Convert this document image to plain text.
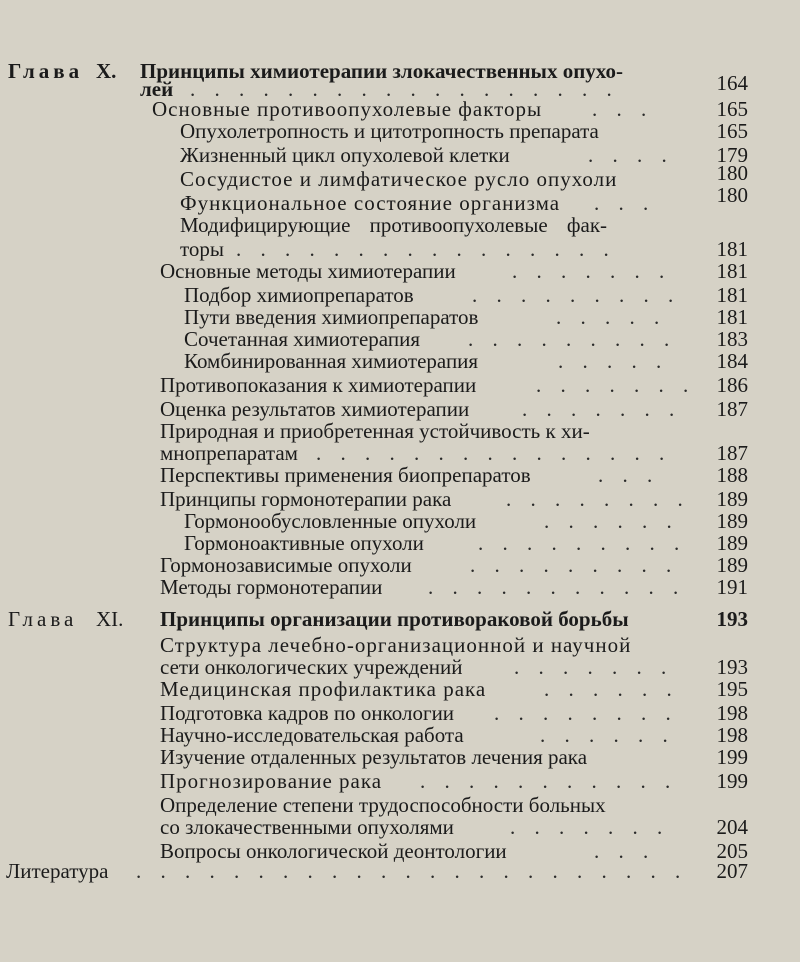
Глава X. Принципы химиотерапии злокачественных опухо-
лей . . . . . . . . . . . . . . . . . .	164
Основные противоопухолевые факторы . . .	165
Опухолетропность и цитотропность препарата	165
Жизненный цикл опухолевой клетки	. . . . 179
Сосудистое и лимфатическое русло опухоли	180
Функциональное состояние организма . . .	180
Модифицирующие противоопухолевые фак-
торы . . . . . . . . . . . . . . . .	181
Основные методы химиотерапии	. . . . . . . 181
Подбор химиопрепаратов	. . . . . . . . . 181
Пути введения химиопрепаратов	. . . . . 181
Сочетанная химиотерапия . . . . . . . . . 183
Комбинированная химиотерапия	. . . . . 184
Противопоказания к химиотерапии	. . . . . . . 186
Оценка результатов химиотерапии	. . . . . . . 187
Природная и приобретенная устойчивость к хи-
мнопрепаратам . . . . . . . . . . . . . . . 187
Перспективы применения биопрепаратов	. . .	188
Принципы гормонотерапии рака	. . . . . . . . 189
Гормонообусловленные опухоли	. . . . . . 189
Гормоноактивные опухоли	. . . . . . . . . 189
Гормонозависимые опухоли	. . . . . . . . . 189
Методы гормонотерапии . . . . . . . . . . . 191
Глава XI. Принципы организации противораковой борьбы	193
Структура лечебно-организационной и научной
сети онкологических учреждений . . . . . . . 193
Медицинская профилактика рака	. . . . . . 195
Подготовка кадров по онкологии . . . . . . . . 198
Научно-исследовательская работа	. . . . . . 198
Изучение отдаленных результатов лечения рака	199
Прогнозирование рака . . . . . . . . . . . 199
Определение степени трудоспособности больных
со злокачественными опухолями	. . . . . . . 204
Вопросы онкологической деонтологии	. . .	205
Литература . . . . . . . . . . . . . . . . . . . . . . . 207
